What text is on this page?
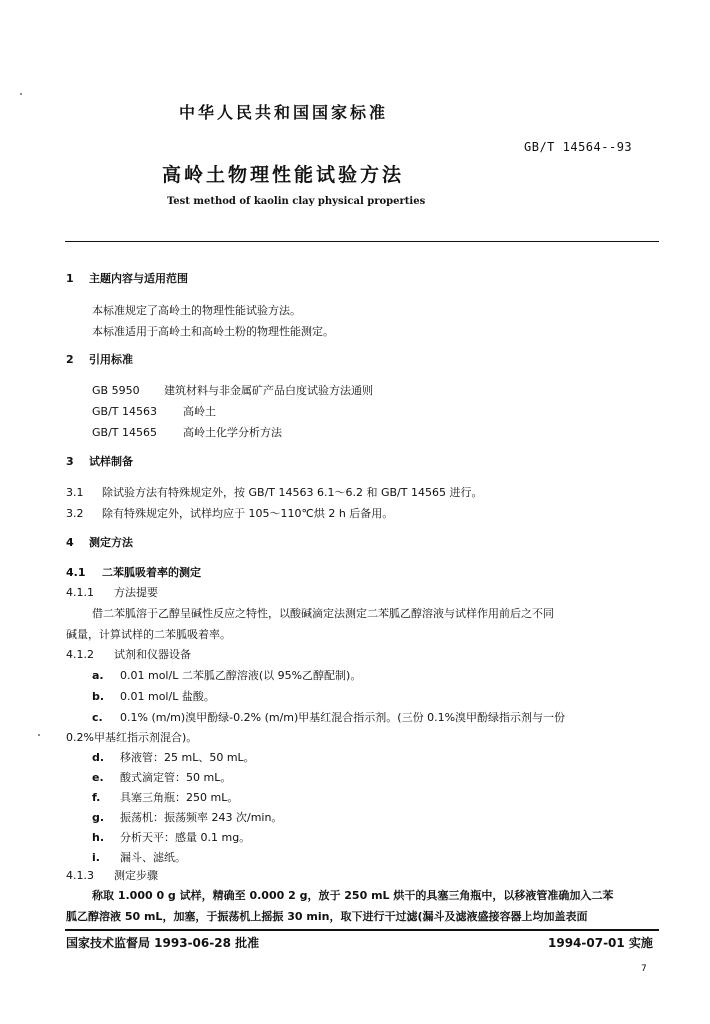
中华人民共和国国家标准
GB/T 14564--93
高岭土物理性能试验方法
Test method of kaolin clay physical properties
1 主题内容与适用范围
本标准规定了高岭土的物理性能试验方法。
本标准适用于高岭土和高岭土粉的物理性能测定。
2 引用标准
GB 5950 建筑材料与非金属矿产品白度试验方法通则
GB/T 14563 高岭土
GB/T 14565 高岭土化学分析方法
3 试样制备
3.1 除试验方法有特殊规定外，按 GB/T 14563 6.1～6.2 和 GB/T 14565 进行。
3.2 除有特殊规定外，试样均应于 105～110℃烘 2 h 后备用。
4 测定方法
4.1 二苯胍吸着率的测定
4.1.1 方法提要
借二苯胍溶于乙醇呈碱性反应之特性，以酸碱滴定法测定二苯胍乙醇溶液与试样作用前后之不同
碱量，计算试样的二苯胍吸着率。
4.1.2 试剂和仪器设备
a. 0.01 mol/L 二苯胍乙醇溶液(以 95%乙醇配制)。
b. 0.01 mol/L 盐酸。
c. 0.1% (m/m)溴甲酚绿-0.2% (m/m)甲基红混合指示剂。(三份 0.1%溴甲酚绿指示剂与一份
0.2%甲基红指示剂混合)。
d. 移液管：25 mL、50 mL。
e. 酸式滴定管：50 mL。
f. 具塞三角瓶：250 mL。
g. 振荡机：振荡频率 243 次/min。
h. 分析天平：感量 0.1 mg。
i. 漏斗、滤纸。
4.1.3 测定步骤
称取 1.000 0 g 试样，精确至 0.000 2 g，放于 250 mL 烘干的具塞三角瓶中，以移液管准确加入二苯
胍乙醇溶液 50 mL，加塞，于振荡机上摇振 30 min，取下进行干过滤(漏斗及滤液盛接容器上均加盖表面
国家技术监督局 1993-06-28 批准	1994-07-01 实施
7
